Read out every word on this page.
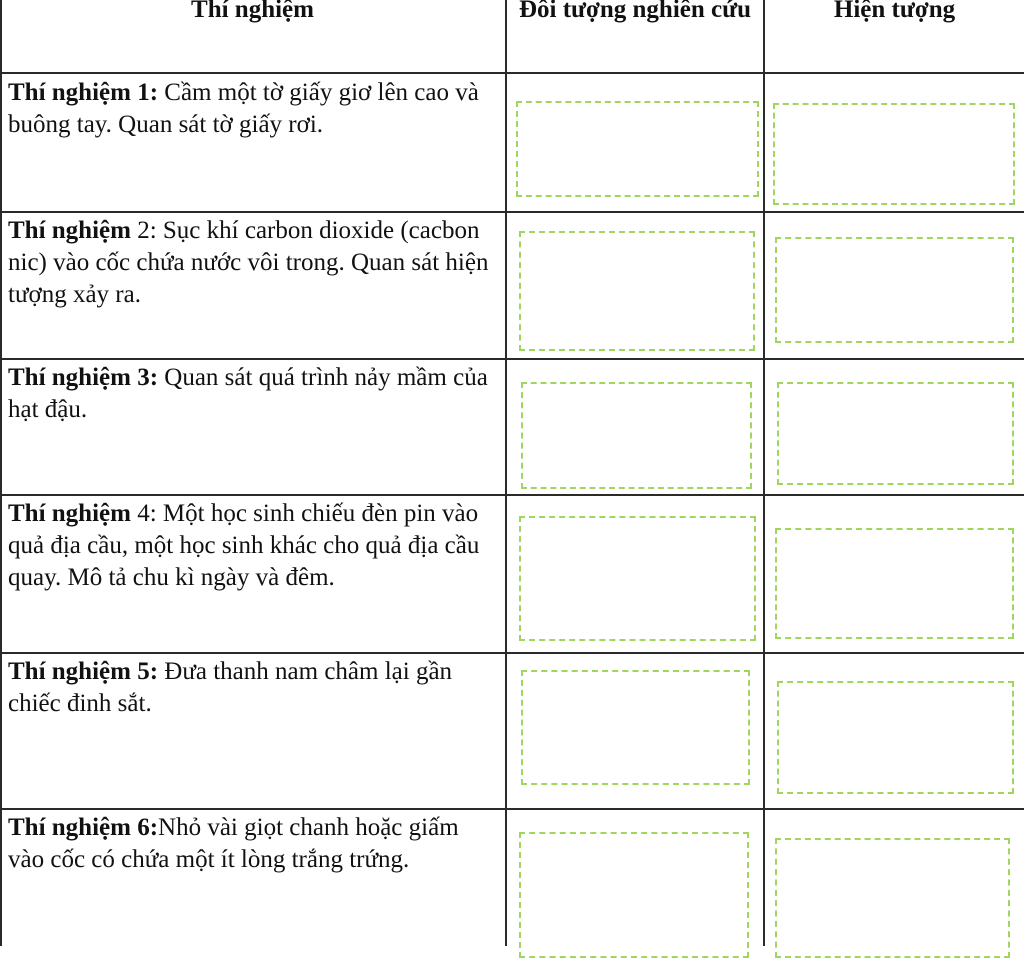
Thí nghiệm	Đôi tượng nghiên cứu	Hiện tượng
Thí nghiệm 1: Cầm một tờ giấy giơ lên cao và buông tay. Quan sát tờ giấy rơi.
Thí nghiệm 2: Sục khí carbon dioxide (cacbon nic) vào cốc chứa nước vôi trong. Quan sát hiện tượng xảy ra.
Thí nghiệm 3: Quan sát quá trình nảy mầm của hạt đậu.
Thí nghiệm 4: Một học sinh chiếu đèn pin vào quả địa cầu, một học sinh khác cho quả địa cầu quay. Mô tả chu kì ngày và đêm.
Thí nghiệm 5: Đưa thanh nam châm lại gần chiếc đinh sắt.
Thí nghiệm 6:Nhỏ vài giọt chanh hoặc giấm vào cốc có chứa một ít lòng trắng trứng.
